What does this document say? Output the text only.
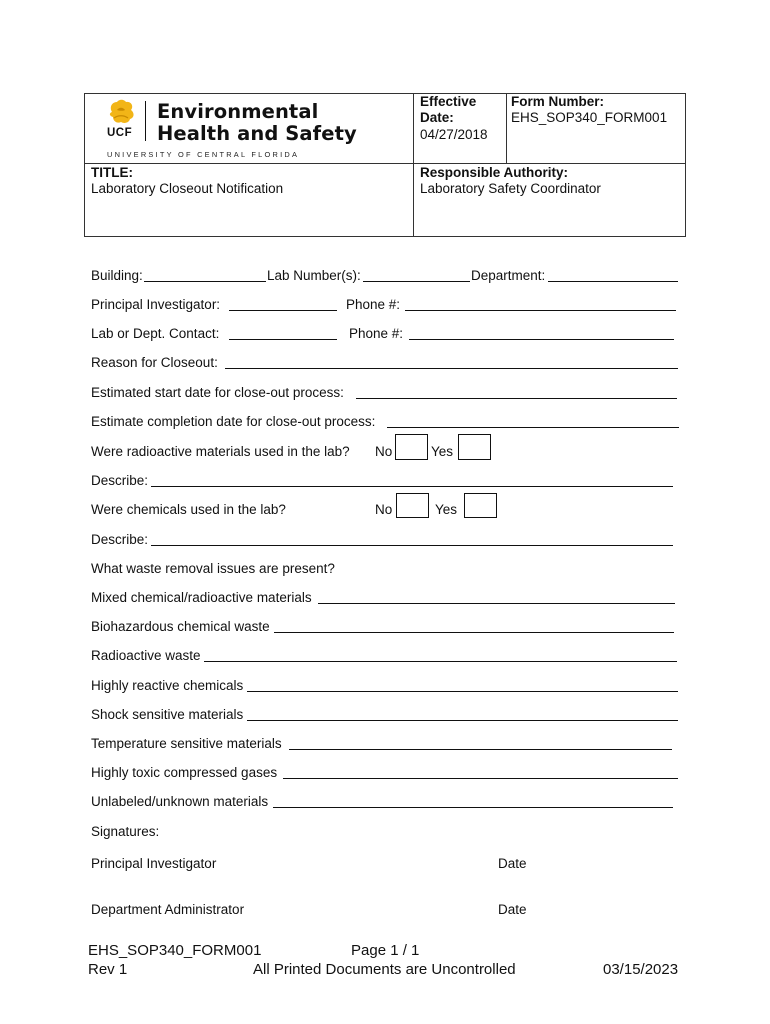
UCF
Environmental
Health and Safety
UNIVERSITY OF CENTRAL FLORIDA
Effective
Date:
04/27/2018
Form Number:
EHS_SOP340_FORM001
TITLE:
Laboratory Closeout Notification
Responsible Authority:
Laboratory Safety Coordinator
Building:	Lab Number(s):	Department:
Principal Investigator:	Phone #:
Lab or Dept. Contact:	Phone #:
Reason for Closeout:
Estimated start date for close-out process:
Estimate completion date for close-out process:
Were radioactive materials used in the lab? No	Yes
Describe:
Were chemicals used in the lab?	No	Yes
Describe:
What waste removal issues are present?
Mixed chemical/radioactive materials
Biohazardous chemical waste
Radioactive waste
Highly reactive chemicals
Shock sensitive materials
Temperature sensitive materials
Highly toxic compressed gases
Unlabeled/unknown materials
Signatures:
Principal Investigator	Date
Department Administrator	Date
EHS_SOP340_FORM001	Page 1 / 1
Rev 1	All Printed Documents are Uncontrolled	03/15/2023
